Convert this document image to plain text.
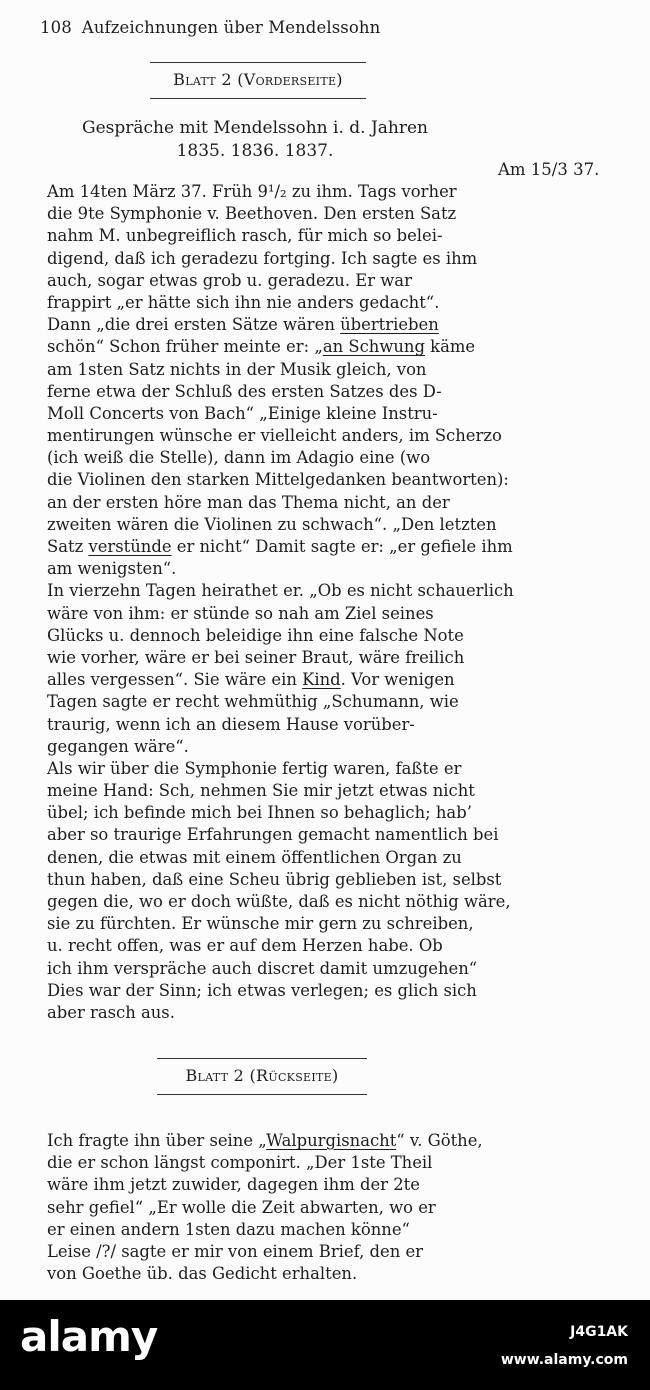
108 Aufzeichnungen über Mendelssohn
Blatt 2 (Vorderseite)
Gespräche mit Mendelssohn i. d. Jahren
1835. 1836. 1837.
Am 15/3 37.
Am 14ten März 37. Früh 9¹/₂ zu ihm. Tags vorher
die 9te Symphonie v. Beethoven. Den ersten Satz
nahm M. unbegreiflich rasch, für mich so belei-
digend, daß ich geradezu fortging. Ich sagte es ihm
auch, sogar etwas grob u. geradezu. Er war
frappirt „er hätte sich ihn nie anders gedacht“.
Dann „die drei ersten Sätze wären übertrieben
schön“ Schon früher meinte er: „an Schwung käme
am 1sten Satz nichts in der Musik gleich, von
ferne etwa der Schluß des ersten Satzes des D-
Moll Concerts von Bach“ „Einige kleine Instru-
mentirungen wünsche er vielleicht anders, im Scherzo
(ich weiß die Stelle), dann im Adagio eine (wo
die Violinen den starken Mittelgedanken beantworten):
an der ersten höre man das Thema nicht, an der
zweiten wären die Violinen zu schwach“. „Den letzten
Satz verstünde er nicht“ Damit sagte er: „er gefiele ihm
am wenigsten“.
In vierzehn Tagen heirathet er. „Ob es nicht schauerlich
wäre von ihm: er stünde so nah am Ziel seines
Glücks u. dennoch beleidige ihn eine falsche Note
wie vorher, wäre er bei seiner Braut, wäre freilich
alles vergessen“. Sie wäre ein Kind. Vor wenigen
Tagen sagte er recht wehmüthig „Schumann, wie
traurig, wenn ich an diesem Hause vorüber-
gegangen wäre“.
Als wir über die Symphonie fertig waren, faßte er
meine Hand: Sch, nehmen Sie mir jetzt etwas nicht
übel; ich befinde mich bei Ihnen so behaglich; hab’
aber so traurige Erfahrungen gemacht namentlich bei
denen, die etwas mit einem öffentlichen Organ zu
thun haben, daß eine Scheu übrig geblieben ist, selbst
gegen die, wo er doch wüßte, daß es nicht nöthig wäre,
sie zu fürchten. Er wünsche mir gern zu schreiben,
u. recht offen, was er auf dem Herzen habe. Ob
ich ihm verspräche auch discret damit umzugehen“
Dies war der Sinn; ich etwas verlegen; es glich sich
aber rasch aus.
Blatt 2 (Rückseite)
Ich fragte ihn über seine „Walpurgisnacht“ v. Göthe,
die er schon längst componirt. „Der 1ste Theil
wäre ihm jetzt zuwider, dagegen ihm der 2te
sehr gefiel“ „Er wolle die Zeit abwarten, wo er
er einen andern 1sten dazu machen könne“
Leise /?/ sagte er mir von einem Brief, den er
von Goethe üb. das Gedicht erhalten.
alamy	J4G1AK
www.alamy.com
